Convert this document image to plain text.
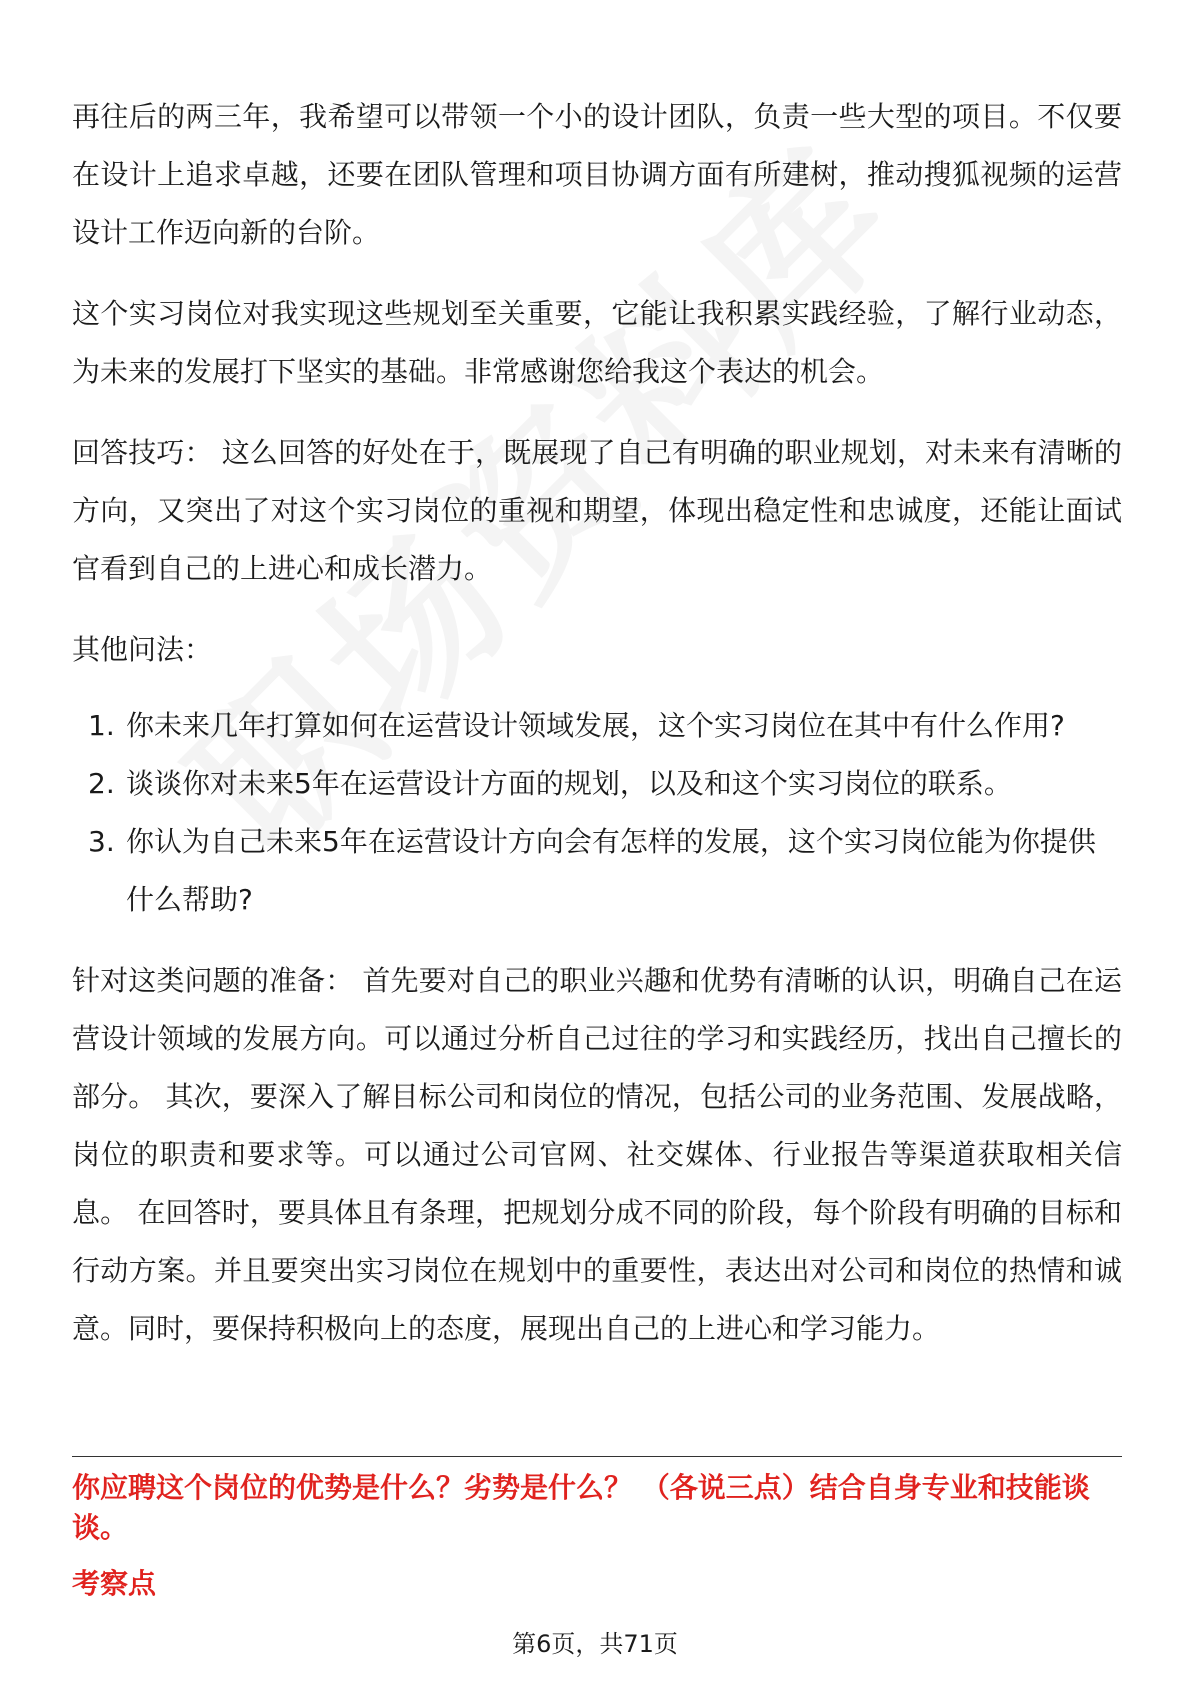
再往后的两三年，我希望可以带领一个小的设计团队，负责一些大型的项目。不仅要在设计上追求卓越，还要在团队管理和项目协调方面有所建树，推动搜狐视频的运营设计工作迈向新的台阶。

这个实习岗位对我实现这些规划至关重要，它能让我积累实践经验，了解行业动态，为未来的发展打下坚实的基础。非常感谢您给我这个表达的机会。

回答技巧： 这么回答的好处在于，既展现了自己有明确的职业规划，对未来有清晰的方向，又突出了对这个实习岗位的重视和期望，体现出稳定性和忠诚度，还能让面试官看到自己的上进心和成长潜力。

其他问法：

1. 你未来几年打算如何在运营设计领域发展，这个实习岗位在其中有什么作用?
2. 谈谈你对未来5年在运营设计方面的规划，以及和这个实习岗位的联系。
3. 你认为自己未来5年在运营设计方向会有怎样的发展，这个实习岗位能为你提供什么帮助?

针对这类问题的准备： 首先要对自己的职业兴趣和优势有清晰的认识，明确自己在运营设计领域的发展方向。可以通过分析自己过往的学习和实践经历，找出自己擅长的部分。 其次，要深入了解目标公司和岗位的情况，包括公司的业务范围、发展战略，岗位的职责和要求等。可以通过公司官网、社交媒体、行业报告等渠道获取相关信息。 在回答时，要具体且有条理，把规划分成不同的阶段，每个阶段有明确的目标和行动方案。并且要突出实习岗位在规划中的重要性，表达出对公司和岗位的热情和诚意。同时，要保持积极向上的态度，展现出自己的上进心和学习能力。

你应聘这个岗位的优势是什么？劣势是什么？ （各说三点）结合自身专业和技能谈谈。

考察点

第6页，共71页
